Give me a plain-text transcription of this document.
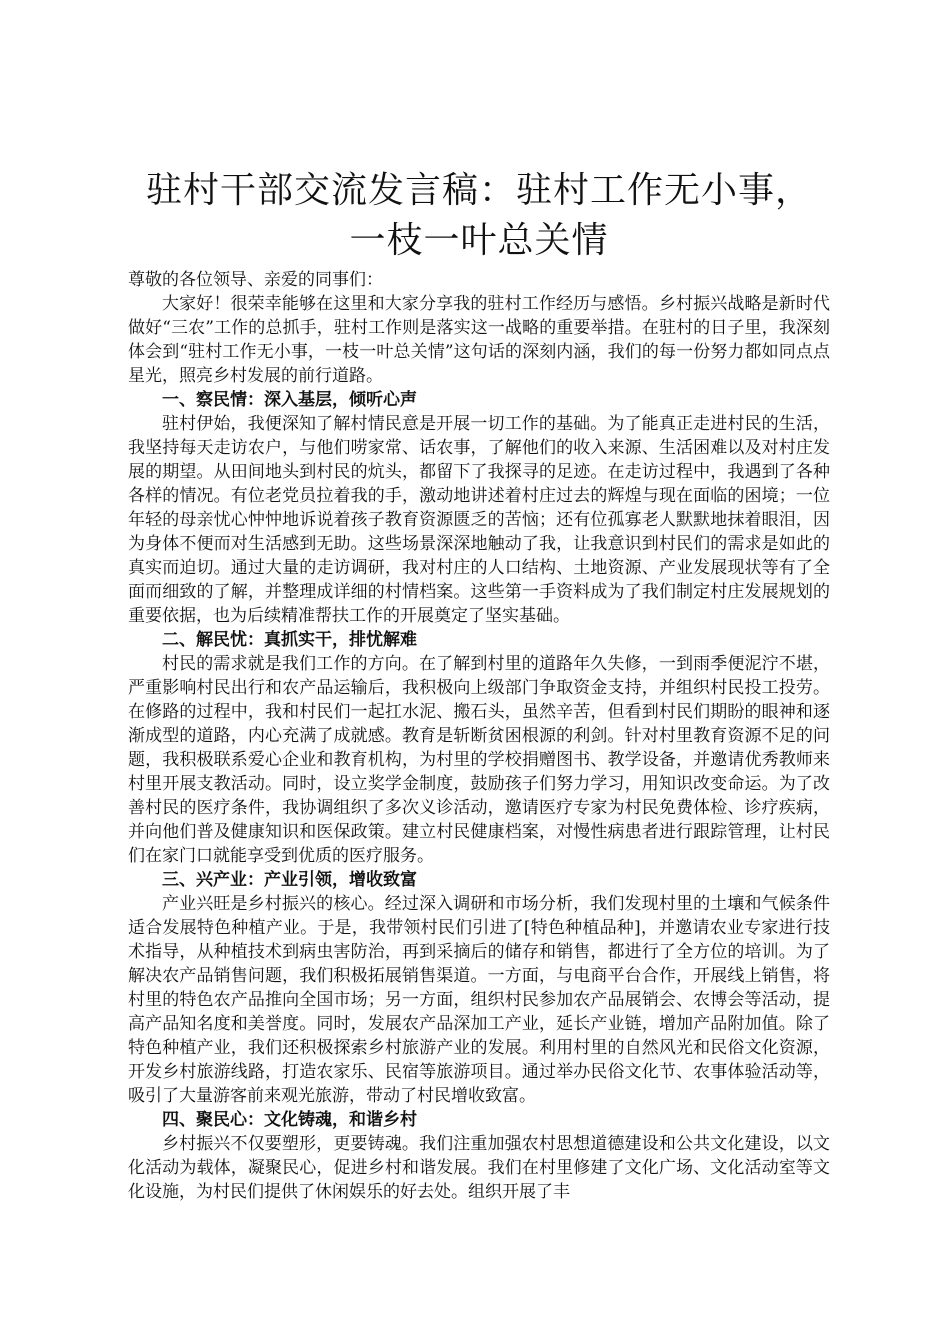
驻村干部交流发言稿：驻村工作无小事，一枝一叶总关情
尊敬的各位领导、亲爱的同事们：

大家好！很荣幸能够在这里和大家分享我的驻村工作经历与感悟。乡村振兴战略是新时代做好“三农”工作的总抓手，驻村工作则是落实这一战略的重要举措。在驻村的日子里，我深刻体会到“驻村工作无小事，一枝一叶总关情”这句话的深刻内涵，我们的每一份努力都如同点点星光，照亮乡村发展的前行道路。

一、察民情：深入基层，倾听心声

驻村伊始，我便深知了解村情民意是开展一切工作的基础。为了能真正走进村民的生活，我坚持每天走访农户，与他们唠家常、话农事，了解他们的收入来源、生活困难以及对村庄发展的期望。从田间地头到村民的炕头，都留下了我探寻的足迹。在走访过程中，我遇到了各种各样的情况。有位老党员拉着我的手，激动地讲述着村庄过去的辉煌与现在面临的困境；一位年轻的母亲忧心忡忡地诉说着孩子教育资源匮乏的苦恼；还有位孤寡老人默默地抹着眼泪，因为身体不便而对生活感到无助。这些场景深深地触动了我，让我意识到村民们的需求是如此的真实而迫切。通过大量的走访调研，我对村庄的人口结构、土地资源、产业发展现状等有了全面而细致的了解，并整理成详细的村情档案。这些第一手资料成为了我们制定村庄发展规划的重要依据，也为后续精准帮扶工作的开展奠定了坚实基础。

二、解民忧：真抓实干，排忧解难

村民的需求就是我们工作的方向。在了解到村里的道路年久失修，一到雨季便泥泞不堪，严重影响村民出行和农产品运输后，我积极向上级部门争取资金支持，并组织村民投工投劳。在修路的过程中，我和村民们一起扛水泥、搬石头，虽然辛苦，但看到村民们期盼的眼神和逐渐成型的道路，内心充满了成就感。教育是斩断贫困根源的利剑。针对村里教育资源不足的问题，我积极联系爱心企业和教育机构，为村里的学校捐赠图书、教学设备，并邀请优秀教师来村里开展支教活动。同时，设立奖学金制度，鼓励孩子们努力学习，用知识改变命运。为了改善村民的医疗条件，我协调组织了多次义诊活动，邀请医疗专家为村民免费体检、诊疗疾病，并向他们普及健康知识和医保政策。建立村民健康档案，对慢性病患者进行跟踪管理，让村民们在家门口就能享受到优质的医疗服务。

三、兴产业：产业引领，增收致富

产业兴旺是乡村振兴的核心。经过深入调研和市场分析，我们发现村里的土壤和气候条件适合发展特色种植产业。于是，我带领村民们引进了[特色种植品种]，并邀请农业专家进行技术指导，从种植技术到病虫害防治，再到采摘后的储存和销售，都进行了全方位的培训。为了解决农产品销售问题，我们积极拓展销售渠道。一方面，与电商平台合作，开展线上销售，将村里的特色农产品推向全国市场；另一方面，组织村民参加农产品展销会、农博会等活动，提高产品知名度和美誉度。同时，发展农产品深加工产业，延长产业链，增加产品附加值。除了特色种植产业，我们还积极探索乡村旅游产业的发展。利用村里的自然风光和民俗文化资源，开发乡村旅游线路，打造农家乐、民宿等旅游项目。通过举办民俗文化节、农事体验活动等，吸引了大量游客前来观光旅游，带动了村民增收致富。

四、聚民心：文化铸魂，和谐乡村

乡村振兴不仅要塑形，更要铸魂。我们注重加强农村思想道德建设和公共文化建设，以文化活动为载体，凝聚民心，促进乡村和谐发展。我们在村里修建了文化广场、文化活动室等文化设施，为村民们提供了休闲娱乐的好去处。组织开展了丰
